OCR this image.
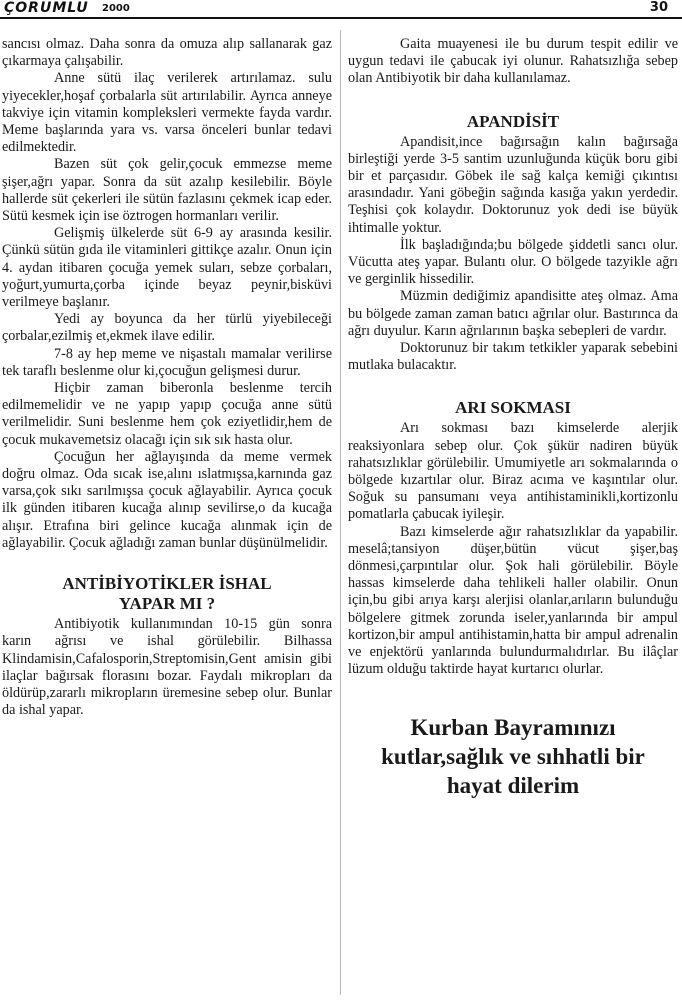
ÇORUMLU 2000	30

sancısı olmaz. Daha sonra da omuza alıp sallanarak gaz çıkarmaya çalışabilir.

Anne sütü ilaç verilerek artırılamaz. sulu yiyecekler,hoşaf çorbalarla süt artırılabilir. Ayrıca anneye takviye için vitamin kompleksleri vermekte fayda vardır. Meme başlarında yara vs. varsa önceleri bunlar tedavi edilmektedir.

Bazen süt çok gelir,çocuk emmezse meme şişer,ağrı yapar. Sonra da süt azalıp kesilebilir. Böyle hallerde süt çekerleri ile sütün fazlasını çekmek icap eder. Sütü kesmek için ise öztrogen hormanları verilir.

Gelişmiş ülkelerde süt 6-9 ay arasında kesilir. Çünkü sütün gıda ile vitaminleri gittikçe azalır. Onun için 4. aydan itibaren çocuğa yemek suları, sebze çorbaları, yoğurt,yumurta,çorba içinde beyaz peynir,bisküvi verilmeye başlanır.

Yedi ay boyunca da her türlü yiyebileceği çorbalar,ezilmiş et,ekmek ilave edilir.

7-8 ay hep meme ve nişastalı mamalar verilirse tek taraflı beslenme olur ki,çocuğun gelişmesi durur.

Hiçbir zaman biberonla beslenme tercih edilmemelidir ve ne yapıp yapıp çocuğa anne sütü verilmelidir. Suni beslenme hem çok eziyetlidir,hem de çocuk mukavemetsiz olacağı için sık sık hasta olur.

Çocuğun her ağlayışında da meme vermek doğru olmaz. Oda sıcak ise,alını ıslatmışsa,karnında gaz varsa,çok sıkı sarılmışsa çocuk ağlayabilir. Ayrıca çocuk ilk günden itibaren kucağa alınıp sevilirse,o da kucağa alışır. Etrafına biri gelince kucağa alınmak için de ağlayabilir. Çocuk ağladığı zaman bunlar düşünülmelidir.

ANTİBİYOTİKLER İSHAL
YAPAR MI ?

Antibiyotik kullanımından 10-15 gün sonra karın ağrısı ve ishal görülebilir. Bilhassa Klindamisin,Cafalosporin,Streptomisin,Gent amisin gibi ilaçlar bağırsak florasını bozar. Faydalı mikropları da öldürüp,zararlı mikropların üremesine sebep olur. Bunlar da ishal yapar.

Gaita muayenesi ile bu durum tespit edilir ve uygun tedavi ile çabucak iyi olunur. Rahatsızlığa sebep olan Antibiyotik bir daha kullanılamaz.

APANDİSİT

Apandisit,ince bağırsağın kalın bağırsağa birleştiği yerde 3-5 santim uzunluğunda küçük boru gibi bir et parçasıdır. Göbek ile sağ kalça kemiği çıkıntısı arasındadır. Yani göbeğin sağında kasığa yakın yerdedir. Teşhisi çok kolaydır. Doktorunuz yok dedi ise büyük ihtimalle yoktur.

İlk başladığında;bu bölgede şiddetli sancı olur. Vücutta ateş yapar. Bulantı olur. O bölgede tazyikle ağrı ve gerginlik hissedilir.

Müzmin dediğimiz apandisitte ateş olmaz. Ama bu bölgede zaman zaman batıcı ağrılar olur. Bastırınca da ağrı duyulur. Karın ağrılarının başka sebepleri de vardır.

Doktorunuz bir takım tetkikler yaparak sebebini mutlaka bulacaktır.

ARI SOKMASI

Arı sokması bazı kimselerde alerjik reaksiyonlara sebep olur. Çok şükür nadiren büyük rahatsızlıklar görülebilir. Umumiyetle arı sokmalarında o bölgede kızartılar olur. Biraz acıma ve kaşıntılar olur. Soğuk su pansumanı veya antihistaminikli,kortizonlu pomatlarla çabucak iyileşir.

Bazı kimselerde ağır rahatsızlıklar da yapabilir. meselâ;tansiyon düşer,bütün vücut şişer,baş dönmesi,çarpıntılar olur. Şok hali görülebilir. Böyle hassas kimselerde daha tehlikeli haller olabilir. Onun için,bu gibi arıya karşı alerjisi olanlar,arıların bulunduğu bölgelere gitmek zorunda iseler,yanlarında bir ampul kortizon,bir ampul antihistamin,hatta bir ampul adrenalin ve enjektörü yanlarında bulundurmalıdırlar. Bu ilâçlar lüzum olduğu taktirde hayat kurtarıcı olurlar.

Kurban Bayramınızı
kutlar,sağlık ve sıhhatli bir
hayat dilerim
